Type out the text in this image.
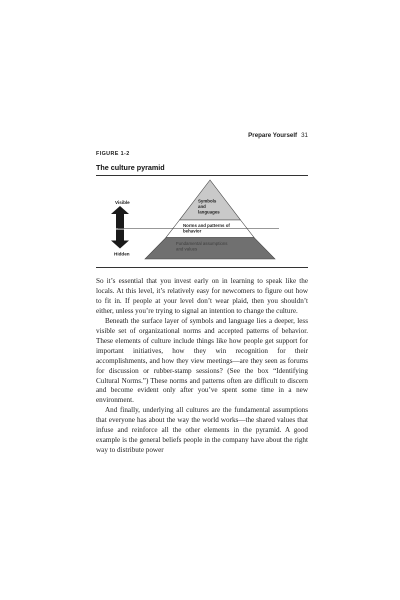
Prepare Yourself 31
FIGURE 1-2
The culture pyramid
Symbols
and
languages
Norms and patterns of
behavior
Fundamental assumptions
and values
Visible
Hidden

So it’s essential that you invest early on in learning to speak like the locals. At this level, it’s relatively easy for newcomers to figure out how to fit in. If people at your level don’t wear plaid, then you shouldn’t either, unless you’re trying to signal an intention to change the culture.

Beneath the surface layer of symbols and language lies a deeper, less visible set of organizational norms and accepted patterns of behavior. These elements of culture include things like how people get support for important initiatives, how they win recognition for their accomplishments, and how they view meetings—are they seen as forums for discussion or rubber-stamp sessions? (See the box “Identifying Cultural Norms.”) These norms and patterns often are difficult to discern and become evident only after you’ve spent some time in a new environment.

And finally, underlying all cultures are the fundamental assumptions that everyone has about the way the world works—the shared values that infuse and reinforce all the other elements in the pyramid. A good example is the general beliefs people in the company have about the right way to distribute power
